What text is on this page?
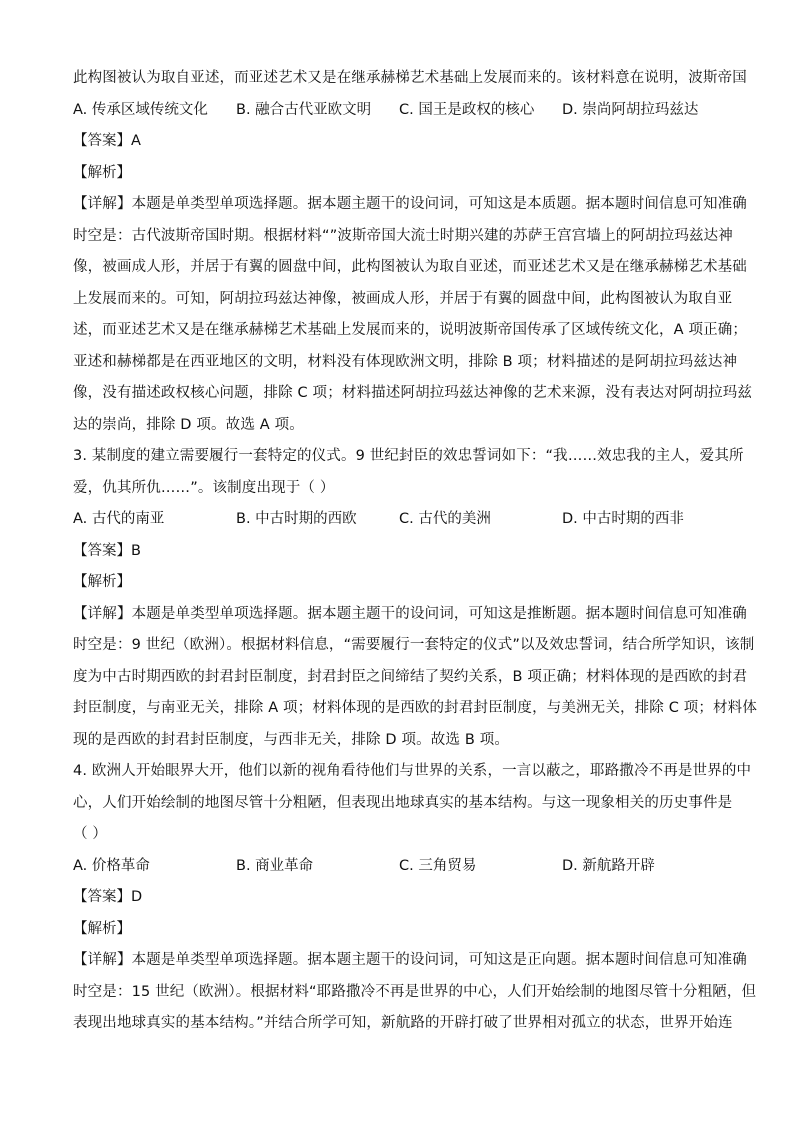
此构图被认为取自亚述，而亚述艺术又是在继承赫梯艺术基础上发展而来的。该材料意在说明，波斯帝国
A. 传承区域传统文化	B. 融合古代亚欧文明	C. 国王是政权的核心	D. 崇尚阿胡拉玛兹达
【答案】A
【解析】
【详解】本题是单类型单项选择题。据本题主题干的设问词，可知这是本质题。据本题时间信息可知准确
时空是：古代波斯帝国时期。根据材料“”波斯帝国大流士时期兴建的苏萨王宫宫墙上的阿胡拉玛兹达神
像，被画成人形，并居于有翼的圆盘中间，此构图被认为取自亚述，而亚述艺术又是在继承赫梯艺术基础
上发展而来的。可知，阿胡拉玛兹达神像，被画成人形，并居于有翼的圆盘中间，此构图被认为取自亚
述，而亚述艺术又是在继承赫梯艺术基础上发展而来的，说明波斯帝国传承了区域传统文化，A 项正确；
亚述和赫梯都是在西亚地区的文明，材料没有体现欧洲文明，排除 B 项；材料描述的是阿胡拉玛兹达神
像，没有描述政权核心问题，排除 C 项；材料描述阿胡拉玛兹达神像的艺术来源，没有表达对阿胡拉玛兹
达的崇尚，排除 D 项。故选 A 项。
3. 某制度的建立需要履行一套特定的仪式。9 世纪封臣的效忠誓词如下：“我……效忠我的主人，爱其所
爱，仇其所仇……”。该制度出现于（ ）
A. 古代的南亚	B. 中古时期的西欧	C. 古代的美洲	D. 中古时期的西非
【答案】B
【解析】
【详解】本题是单类型单项选择题。据本题主题干的设问词，可知这是推断题。据本题时间信息可知准确
时空是：9 世纪（欧洲）。根据材料信息，“需要履行一套特定的仪式”以及效忠誓词，结合所学知识，该制
度为中古时期西欧的封君封臣制度，封君封臣之间缔结了契约关系，B 项正确；材料体现的是西欧的封君
封臣制度，与南亚无关，排除 A 项；材料体现的是西欧的封君封臣制度，与美洲无关，排除 C 项；材料体
现的是西欧的封君封臣制度，与西非无关，排除 D 项。故选 B 项。
4. 欧洲人开始眼界大开，他们以新的视角看待他们与世界的关系，一言以蔽之，耶路撒冷不再是世界的中
心，人们开始绘制的地图尽管十分粗陋，但表现出地球真实的基本结构。与这一现象相关的历史事件是
（ ）
A. 价格革命	B. 商业革命	C. 三角贸易	D. 新航路开辟
【答案】D
【解析】
【详解】本题是单类型单项选择题。据本题主题干的设问词，可知这是正向题。据本题时间信息可知准确
时空是：15 世纪（欧洲）。根据材料“耶路撒冷不再是世界的中心，人们开始绘制的地图尽管十分粗陋，但
表现出地球真实的基本结构。”并结合所学可知，新航路的开辟打破了世界相对孤立的状态，世界开始连
